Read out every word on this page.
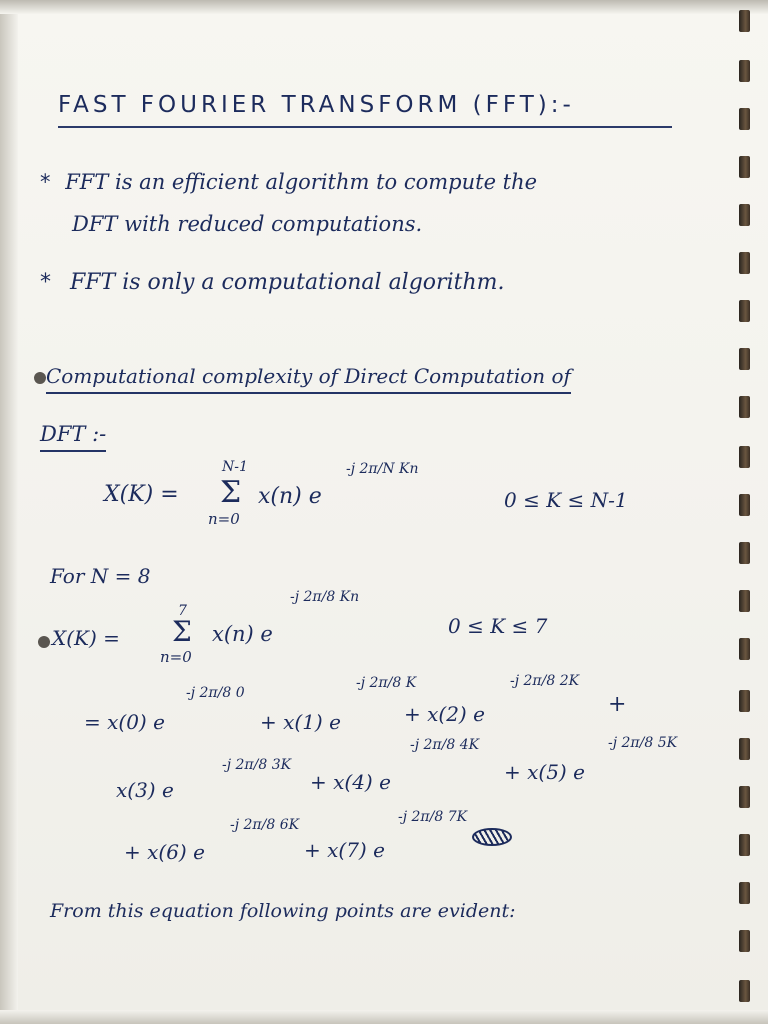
FAST FOURIER TRANSFORM (FFT):-
* FFT is an efficient algorithm to compute the
DFT with reduced computations.
* FFT is only a computational algorithm.
Computational complexity of Direct Computation of
DFT :-
X(K) =
N-1
Σ
n=0
x(n) e
-j 2π/N Kn
0 ≤ K ≤ N-1
For N = 8
X(K) =
7
Σ
n=0
x(n) e
-j 2π/8 Kn
0 ≤ K ≤ 7
= x(0) e
-j 2π/8 0
+ x(1) e
-j 2π/8 K
+ x(2) e
-j 2π/8 2K
+
x(3) e
-j 2π/8 3K
+ x(4) e
-j 2π/8 4K
+ x(5) e
-j 2π/8 5K
+ x(6) e
-j 2π/8 6K
+ x(7) e
-j 2π/8 7K
From this equation following points are evident:
